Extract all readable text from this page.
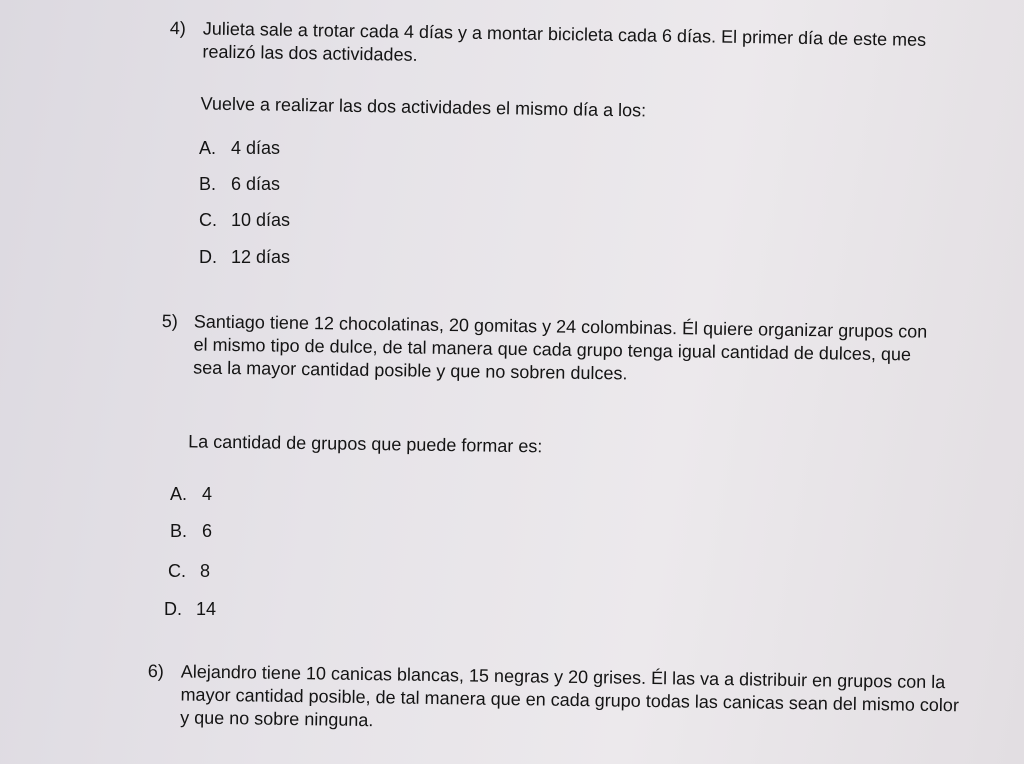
4) Julieta sale a trotar cada 4 días y a montar bicicleta cada 6 días. El primer día de este mes realizó las dos actividades.

Vuelve a realizar las dos actividades el mismo día a los:

A. 4 días
B. 6 días
C. 10 días
D. 12 días
5) Santiago tiene 12 chocolatinas, 20 gomitas y 24 colombinas. Él quiere organizar grupos con el mismo tipo de dulce, de tal manera que cada grupo tenga igual cantidad de dulces, que sea la mayor cantidad posible y que no sobren dulces.

La cantidad de grupos que puede formar es:

A. 4
B. 6
C. 8
D. 14
6) Alejandro tiene 10 canicas blancas, 15 negras y 20 grises. Él las va a distribuir en grupos con la mayor cantidad posible, de tal manera que en cada grupo todas las canicas sean del mismo color y que no sobre ninguna.
